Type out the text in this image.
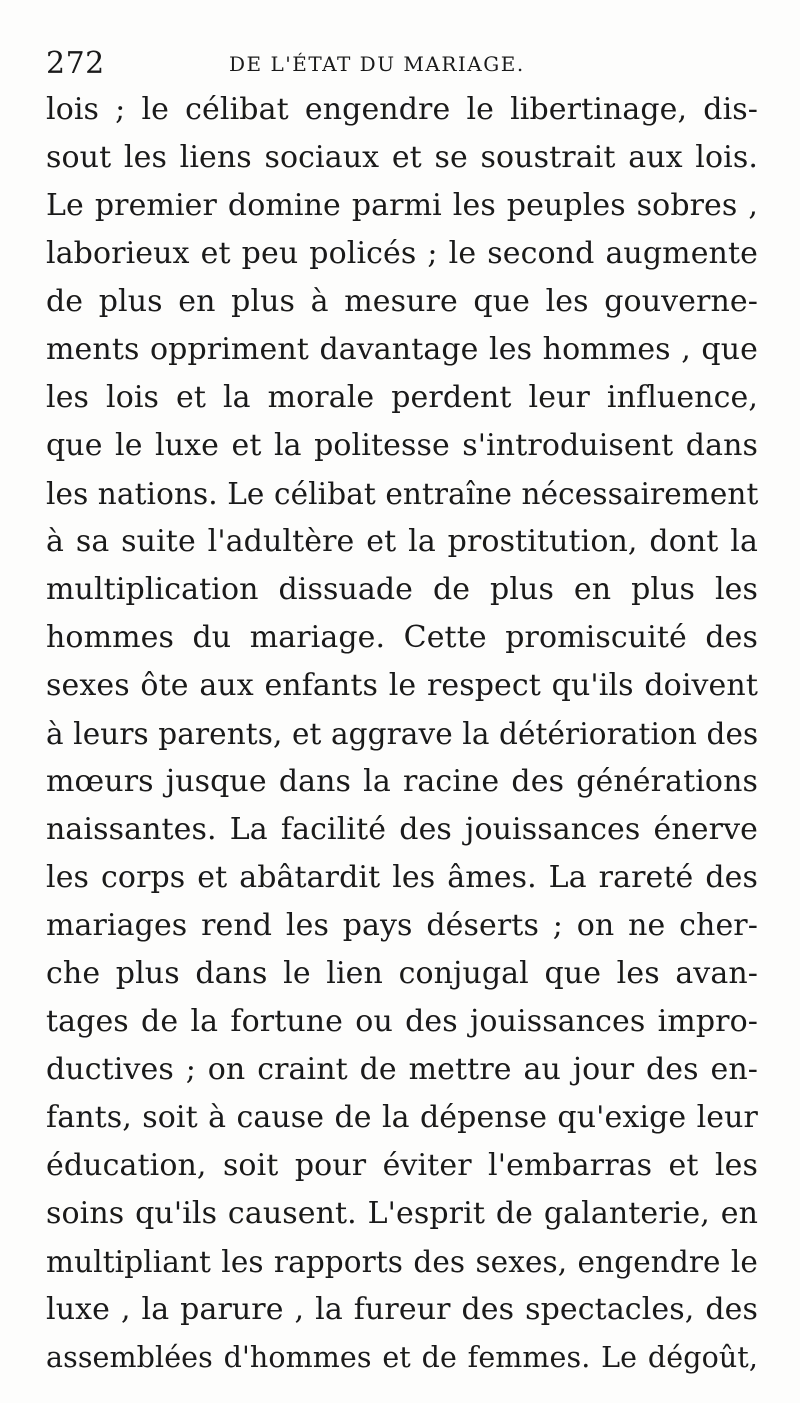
272	DE L'ÉTAT DU MARIAGE.
lois ; le célibat engendre le libertinage, dis-
sout les liens sociaux et se soustrait aux lois.
Le premier domine parmi les peuples sobres ,
laborieux et peu policés ; le second augmente
de plus en plus à mesure que les gouverne-
ments oppriment davantage les hommes , que
les lois et la morale perdent leur influence,
que le luxe et la politesse s'introduisent dans
les nations. Le célibat entraîne nécessairement
à sa suite l'adultère et la prostitution, dont la
multiplication dissuade de plus en plus les
hommes du mariage. Cette promiscuité des
sexes ôte aux enfants le respect qu'ils doivent
à leurs parents, et aggrave la détérioration des
mœurs jusque dans la racine des générations
naissantes. La facilité des jouissances énerve
les corps et abâtardit les âmes. La rareté des
mariages rend les pays déserts ; on ne cher-
che plus dans le lien conjugal que les avan-
tages de la fortune ou des jouissances impro-
ductives ; on craint de mettre au jour des en-
fants, soit à cause de la dépense qu'exige leur
éducation, soit pour éviter l'embarras et les
soins qu'ils causent. L'esprit de galanterie, en
multipliant les rapports des sexes, engendre le
luxe , la parure , la fureur des spectacles, des
assemblées d'hommes et de femmes. Le dégoût,
